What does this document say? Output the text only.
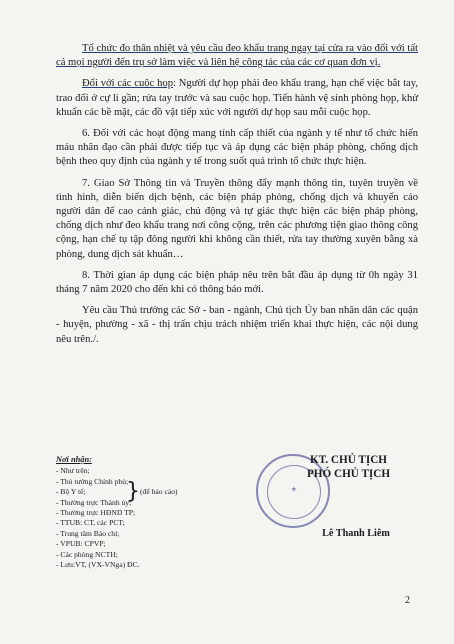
Tổ chức đo thân nhiệt và yêu cầu đeo khẩu trang ngay tại cửa ra vào đối với tất cả mọi người đến trụ sở làm việc và liên hệ công tác của các cơ quan đơn vị.

Đối với các cuộc họp: Người dự họp phải đeo khẩu trang, hạn chế việc bắt tay, trao đổi ở cự li gần; rửa tay trước và sau cuộc họp. Tiến hành vệ sinh phòng họp, khử khuẩn các bề mặt, các đồ vật tiếp xúc với người dự họp sau mỗi cuộc họp.

6. Đối với các hoạt động mang tính cấp thiết của ngành y tế như tổ chức hiến máu nhân đạo cần phải được tiếp tục và áp dụng các biện pháp phòng, chống dịch bệnh theo quy định của ngành y tế trong suốt quá trình tổ chức thực hiện.

7. Giao Sở Thông tin và Truyền thông đẩy mạnh thông tin, tuyên truyền về tình hình, diễn biến dịch bệnh, các biện pháp phòng, chống dịch và khuyến cáo người dân để cao cảnh giác, chủ động và tự giác thực hiện các biện pháp phòng, chống dịch như đeo khẩu trang nơi công cộng, trên các phương tiện giao thông công cộng, hạn chế tụ tập đông người khi không cần thiết, rửa tay thường xuyên bằng xà phòng, dung dịch sát khuẩn…

8. Thời gian áp dụng các biện pháp nêu trên bắt đầu áp dụng từ 0h ngày 31 tháng 7 năm 2020 cho đến khi có thông báo mới.

Yêu cầu Thủ trưởng các Sở - ban - ngành, Chủ tịch Ủy ban nhân dân các quận - huyện, phường - xã - thị trấn chịu trách nhiệm triển khai thực hiện, các nội dung nêu trên./.

Nơi nhận:
- Như trên;
- Thủ tướng Chính phủ;
- Bộ Y tế;
- Thường trực Thành ủy;
- Thường trực HĐND TP;
- TTUB: CT, các PCT;
- Trung tâm Báo chí;
- VPUB: CPVP;
- Các phòng NCTH;
- Lưu:VT, (VX-VNga) ĐC.
}(để báo cáo)	★
KT. CHỦ TỊCH
PHÓ CHỦ TỊCH
Lê Thanh Liêm
2
